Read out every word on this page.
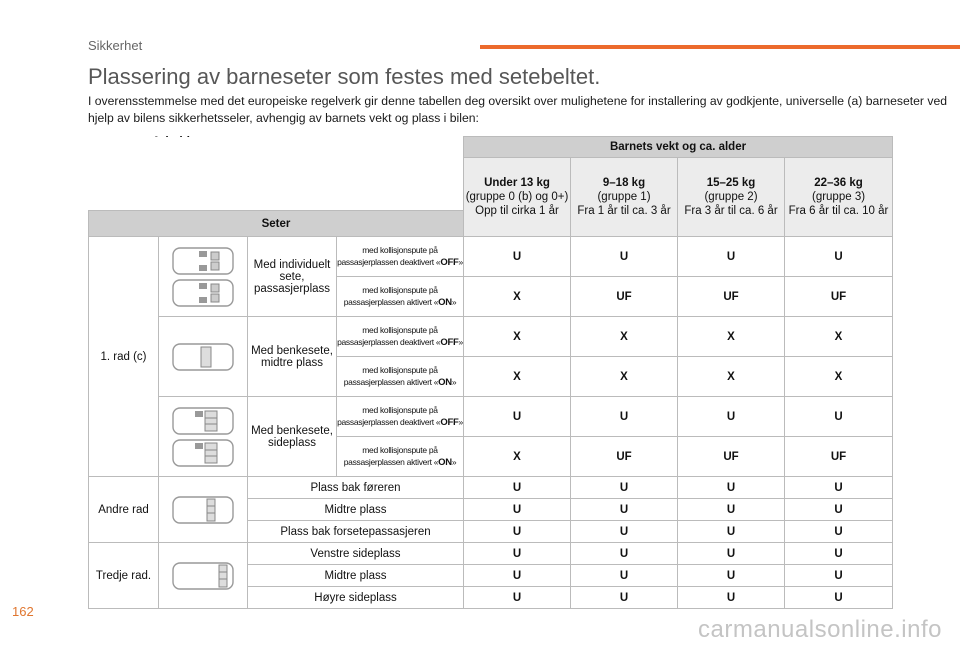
Sikkerhet
Plassering av barneseter som festes med setebeltet.
I overensstemmelse med det europeiske regelverk gir denne tabellen deg oversikt over mulighetene for installering av godkjente, universelle (a) barneseter ved hjelp av bilens sikkerhetsseler, avhengig av barnets vekt og plass i bilen:
				Barnets vekt og ca. alder			
				Under 13 kg
(gruppe 0 (b) og 0+)
Opp til cirka 1 år	9–18 kg
(gruppe 1)
Fra 1 år til ca. 3 år	15–25 kg
(gruppe 2)
Fra 3 år til ca. 6 år	22–36 kg
(gruppe 3)
Fra 6 år til ca. 10 år
Seter							
1. rad (c)		Med individuelt sete, passasjerplass	med kollisjonspute på passasjerplassen deaktivert «OFF»	U	U	U	U
			med kollisjonspute på passasjerplassen aktivert «ON»	X	UF	UF	UF

	Med benkesete, midtre plass	med kollisjonspute på passasjerplassen deaktivert «OFF»	X	X	X	X
			med kollisjonspute på passasjerplassen aktivert «ON»	X	X	X	X

	Med benkesete, sideplass	med kollisjonspute på passasjerplassen deaktivert «OFF»	U	U	U	U
			med kollisjonspute på passasjerplassen aktivert «ON»	X	UF	UF	UF
Andre rad		Plass bak føreren		U	U	U	U
		Midtre plass		U	U	U	U
		Plass bak forsetepassasjeren		U	U	U	U
Tredje rad.		Venstre sideplass		U	U	U	U
		Midtre plass		U	U	U	U
		Høyre sideplass		U	U	U	U
162
carmanualsonline.info
